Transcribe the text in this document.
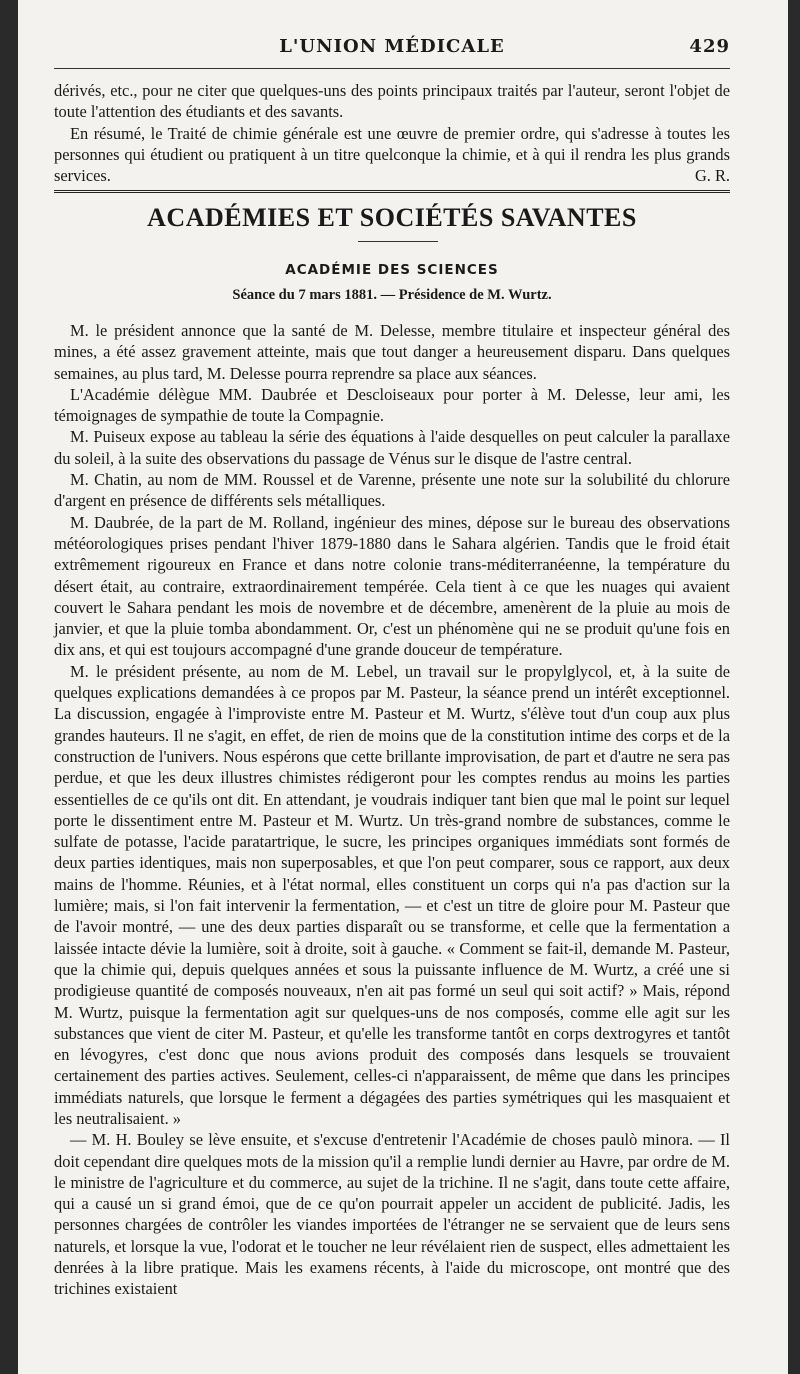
L'UNION MÉDICALE	429

dérivés, etc., pour ne citer que quelques-uns des points principaux traités par l'auteur, seront l'objet de toute l'attention des étudiants et des savants.

En résumé, le Traité de chimie générale est une œuvre de premier ordre, qui s'adresse à toutes les personnes qui étudient ou pratiquent à un titre quelconque la chimie, et à qui il rendra les plus grands services.	G. R.

ACADÉMIES ET SOCIÉTÉS SAVANTES
ACADÉMIE DES SCIENCES
Séance du 7 mars 1881. — Présidence de M. Wurtz.

M. le président annonce que la santé de M. Delesse, membre titulaire et inspecteur général des mines, a été assez gravement atteinte, mais que tout danger a heureusement disparu. Dans quelques semaines, au plus tard, M. Delesse pourra reprendre sa place aux séances.

L'Académie délègue MM. Daubrée et Descloiseaux pour porter à M. Delesse, leur ami, les témoignages de sympathie de toute la Compagnie.

M. Puiseux expose au tableau la série des équations à l'aide desquelles on peut calculer la parallaxe du soleil, à la suite des observations du passage de Vénus sur le disque de l'astre central.

M. Chatin, au nom de MM. Roussel et de Varenne, présente une note sur la solubilité du chlorure d'argent en présence de différents sels métalliques.

M. Daubrée, de la part de M. Rolland, ingénieur des mines, dépose sur le bureau des observations météorologiques prises pendant l'hiver 1879-1880 dans le Sahara algérien. Tandis que le froid était extrêmement rigoureux en France et dans notre colonie trans-méditerranéenne, la température du désert était, au contraire, extraordinairement tempérée. Cela tient à ce que les nuages qui avaient couvert le Sahara pendant les mois de novembre et de décembre, amenèrent de la pluie au mois de janvier, et que la pluie tomba abondamment. Or, c'est un phénomène qui ne se produit qu'une fois en dix ans, et qui est toujours accompagné d'une grande douceur de température.

M. le président présente, au nom de M. Lebel, un travail sur le propylglycol, et, à la suite de quelques explications demandées à ce propos par M. Pasteur, la séance prend un intérêt exceptionnel. La discussion, engagée à l'improviste entre M. Pasteur et M. Wurtz, s'élève tout d'un coup aux plus grandes hauteurs. Il ne s'agit, en effet, de rien de moins que de la constitution intime des corps et de la construction de l'univers. Nous espérons que cette brillante improvisation, de part et d'autre ne sera pas perdue, et que les deux illustres chimistes rédigeront pour les comptes rendus au moins les parties essentielles de ce qu'ils ont dit. En attendant, je voudrais indiquer tant bien que mal le point sur lequel porte le dissentiment entre M. Pasteur et M. Wurtz. Un très-grand nombre de substances, comme le sulfate de potasse, l'acide paratartrique, le sucre, les principes organiques immédiats sont formés de deux parties identiques, mais non superposables, et que l'on peut comparer, sous ce rapport, aux deux mains de l'homme. Réunies, et à l'état normal, elles constituent un corps qui n'a pas d'action sur la lumière; mais, si l'on fait intervenir la fermentation, — et c'est un titre de gloire pour M. Pasteur que de l'avoir montré, — une des deux parties disparaît ou se transforme, et celle que la fermentation a laissée intacte dévie la lumière, soit à droite, soit à gauche. « Comment se fait-il, demande M. Pasteur, que la chimie qui, depuis quelques années et sous la puissante influence de M. Wurtz, a créé une si prodigieuse quantité de composés nouveaux, n'en ait pas formé un seul qui soit actif? » Mais, répond M. Wurtz, puisque la fermentation agit sur quelques-uns de nos composés, comme elle agit sur les substances que vient de citer M. Pasteur, et qu'elle les transforme tantôt en corps dextrogyres et tantôt en lévogyres, c'est donc que nous avions produit des composés dans lesquels se trouvaient certainement des parties actives. Seulement, celles-ci n'apparaissent, de même que dans les principes immédiats naturels, que lorsque le ferment a dégagées des parties symétriques qui les masquaient et les neutralisaient. »

— M. H. Bouley se lève ensuite, et s'excuse d'entretenir l'Académie de choses paulò minora. — Il doit cependant dire quelques mots de la mission qu'il a remplie lundi dernier au Havre, par ordre de M. le ministre de l'agriculture et du commerce, au sujet de la trichine. Il ne s'agit, dans toute cette affaire, qui a causé un si grand émoi, que de ce qu'on pourrait appeler un accident de publicité. Jadis, les personnes chargées de contrôler les viandes importées de l'étranger ne se servaient que de leurs sens naturels, et lorsque la vue, l'odorat et le toucher ne leur révélaient rien de suspect, elles admettaient les denrées à la libre pratique. Mais les examens récents, à l'aide du microscope, ont montré que des trichines existaient
